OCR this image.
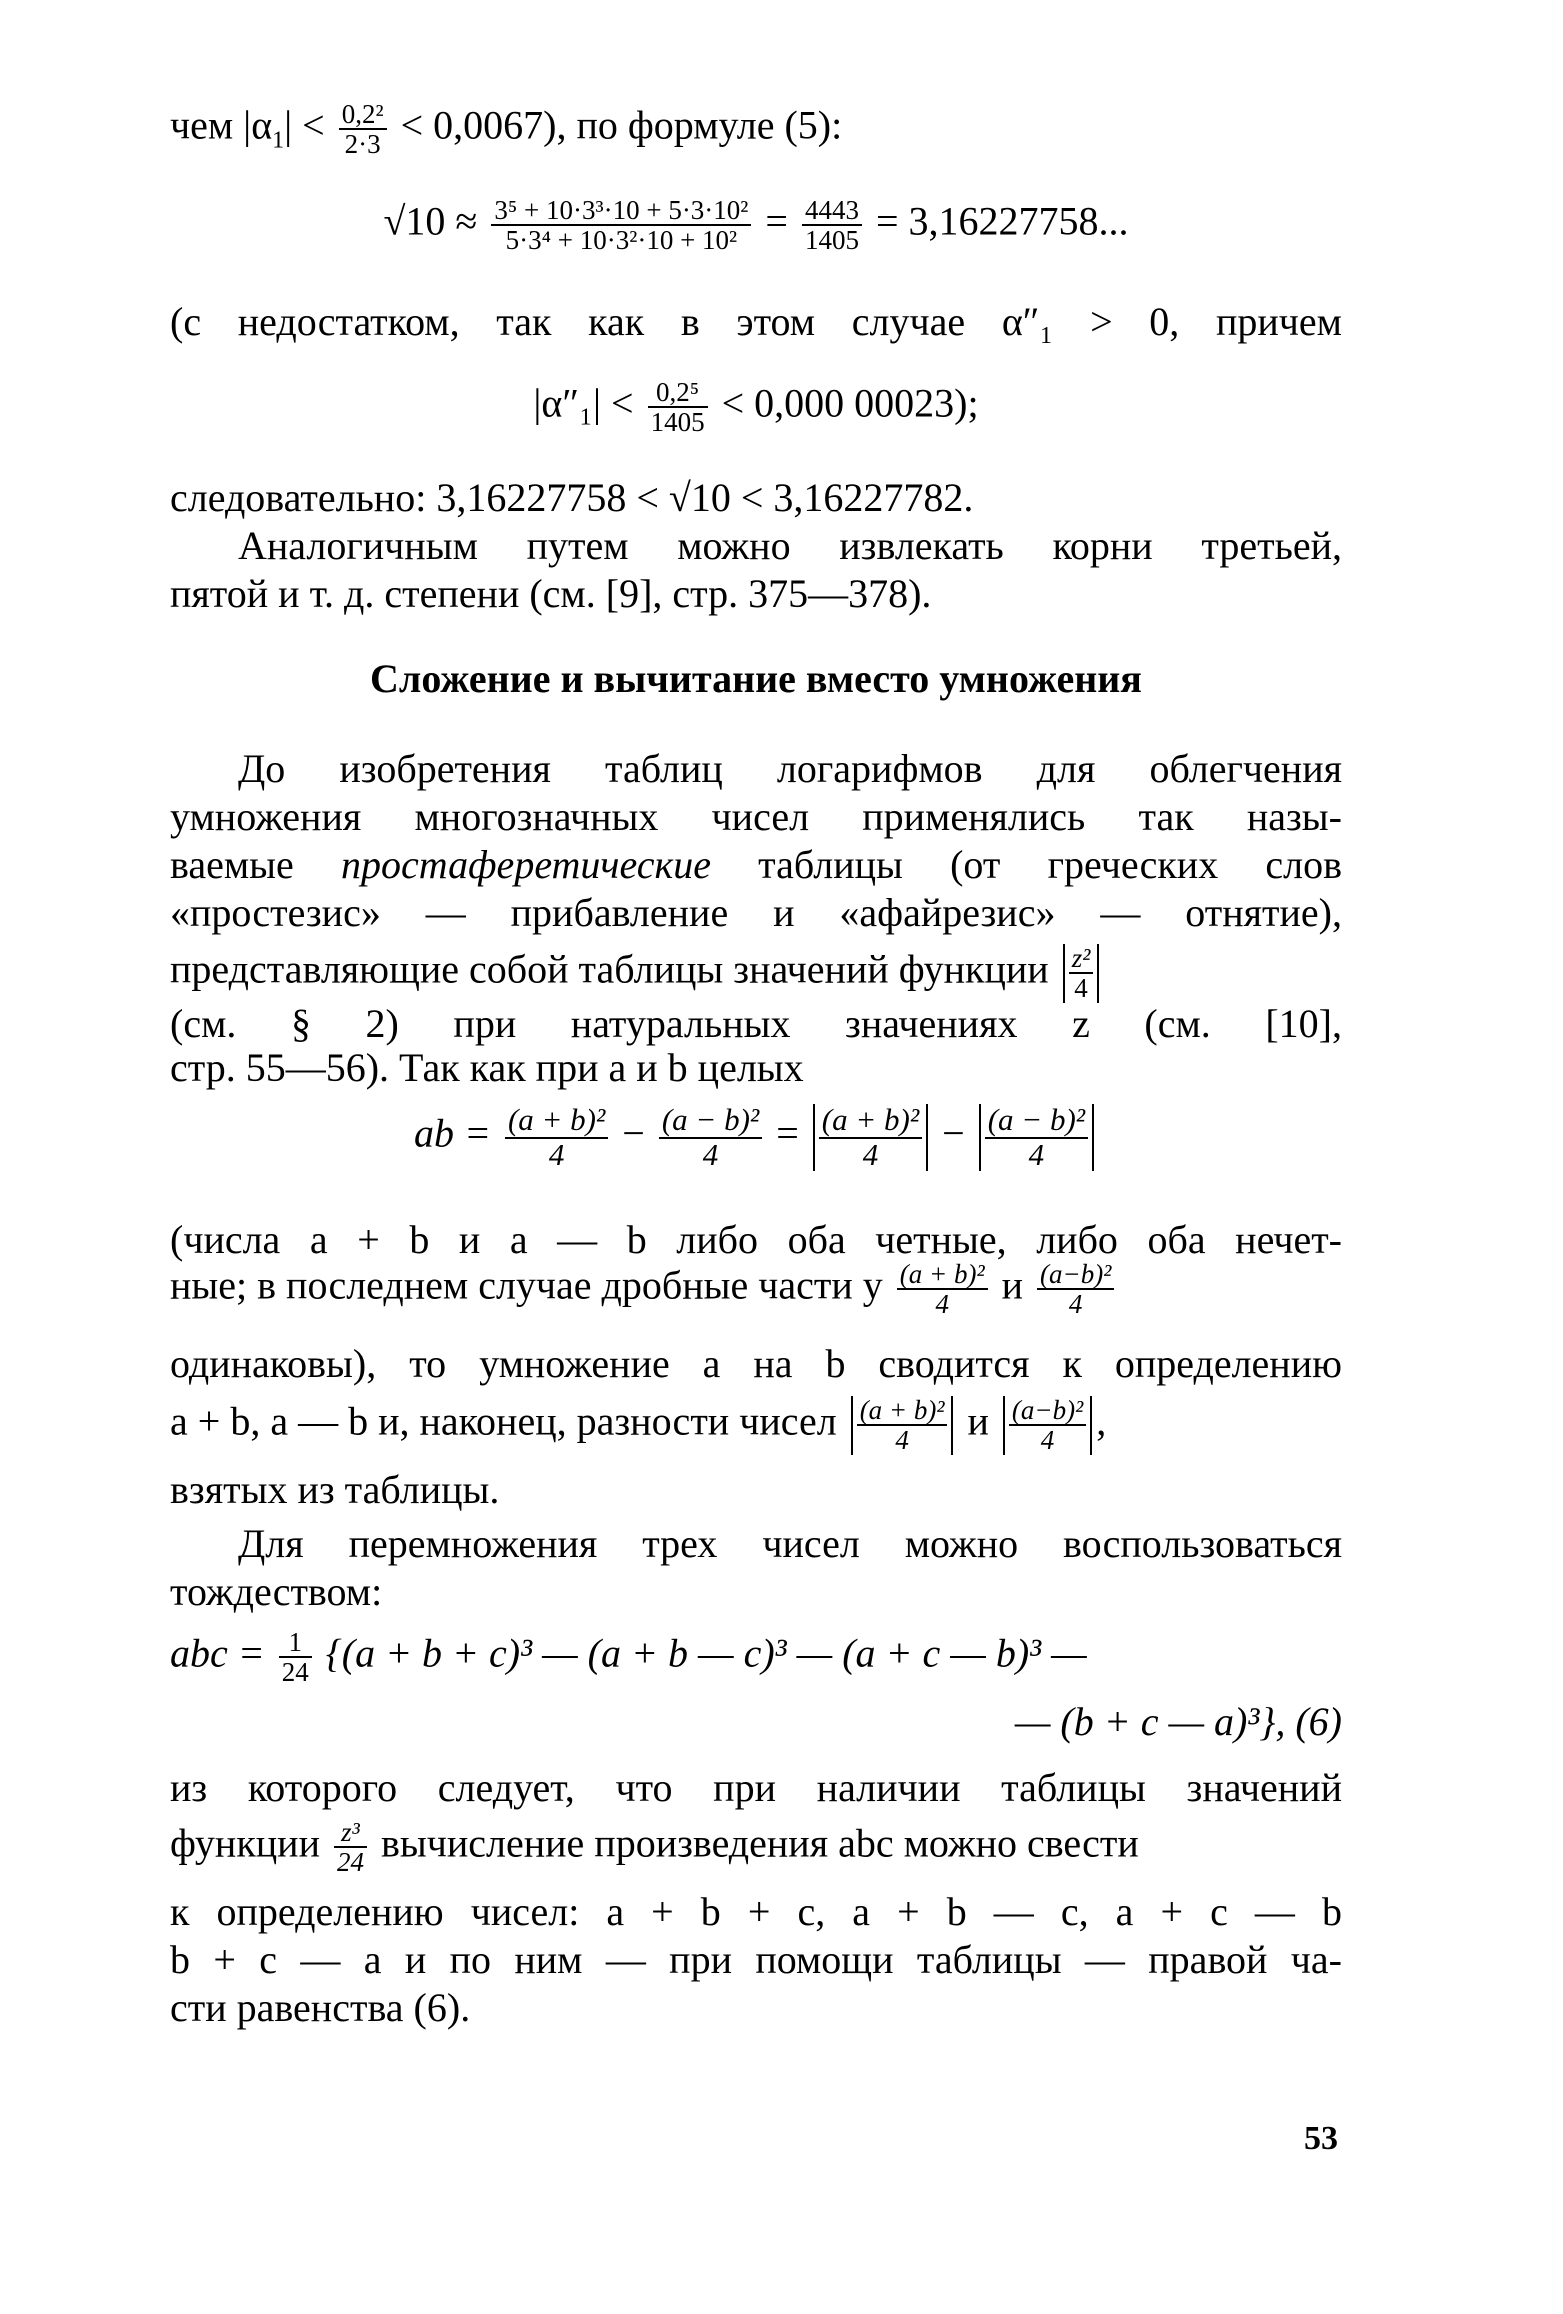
чем $|\alpha_1| < \frac{\text{0,2²}}{2\cdot 3} < 0,0067$), по формуле (5):
$√10 \approx \frac{\text{3⁵ + 10·3³·10 + 5·3·10²}}{\text{5·3⁴ + 10·3²·10 + 10²}} = \frac{4443}{1405} = 3,16227758$...
(с недостатком, так как в этом случае α″₁ > 0, причем
$|\alpha''_1| < \frac{\text{0,2⁵}}{1405} < 0,000$ 00023);
следовательно: 3,16227758 < √10 < 3,16227782.
Аналогичным путем можно извлекать корни третьей,
пятой и т. д. степени (см. [9], стр. 375—378).
Сложение и вычитание вместо умножения
До изобретения таблиц логарифмов для облегчения
умножения многозначных чисел применялись так назы-
ваемые простаферетические таблицы (от греческих слов
«простезис» — прибавление и «афайрезис» — отнятие),
представляющие собой таблицы значений функции $\frac{\text{z²}}{4}$
(см. § 2) при натуральных значениях z (см. [10],
стр. 55—56). Так как при a и b целых
ab = $\frac{\text{(a + b)²}}{4} - \frac{\text{(a − b)²}}{4} = \frac{\text{(a + b)²}}{4} - \frac{\text{(a − b)²}}{4}$
(числа a + b и a — b либо оба четные, либо оба нечет-
ные; в последнем случае дробные части у $\frac{\text{(a + b)²}}{4}$ и $\frac{\text{(a−b)²}}{4}$
одинаковы), то умножение a на b сводится к определению
a + b, a — b и, наконец, разности чисел $\frac{\text{(a + b)²}}{4}$ и $\frac{\text{(a−b)²}}{4}$ ,
взятых из таблицы.
Для перемножения трех чисел можно воспользоваться
тождеством:
abc = $\frac{1}{24} \{(a + b + c)^3$ — (a + b — c)³ — (a + c — b)³ —
— (b + c — a)³}, (6)
из которого следует, что при наличии таблицы значений
функции $\frac{\text{z³}}{24}$ вычисление произведения abc можно свести
к определению чисел: a + b + c, a + b — c, a + c — b
b + c — a и по ним — при помощи таблицы — правой ча-
сти равенства (6).
53
